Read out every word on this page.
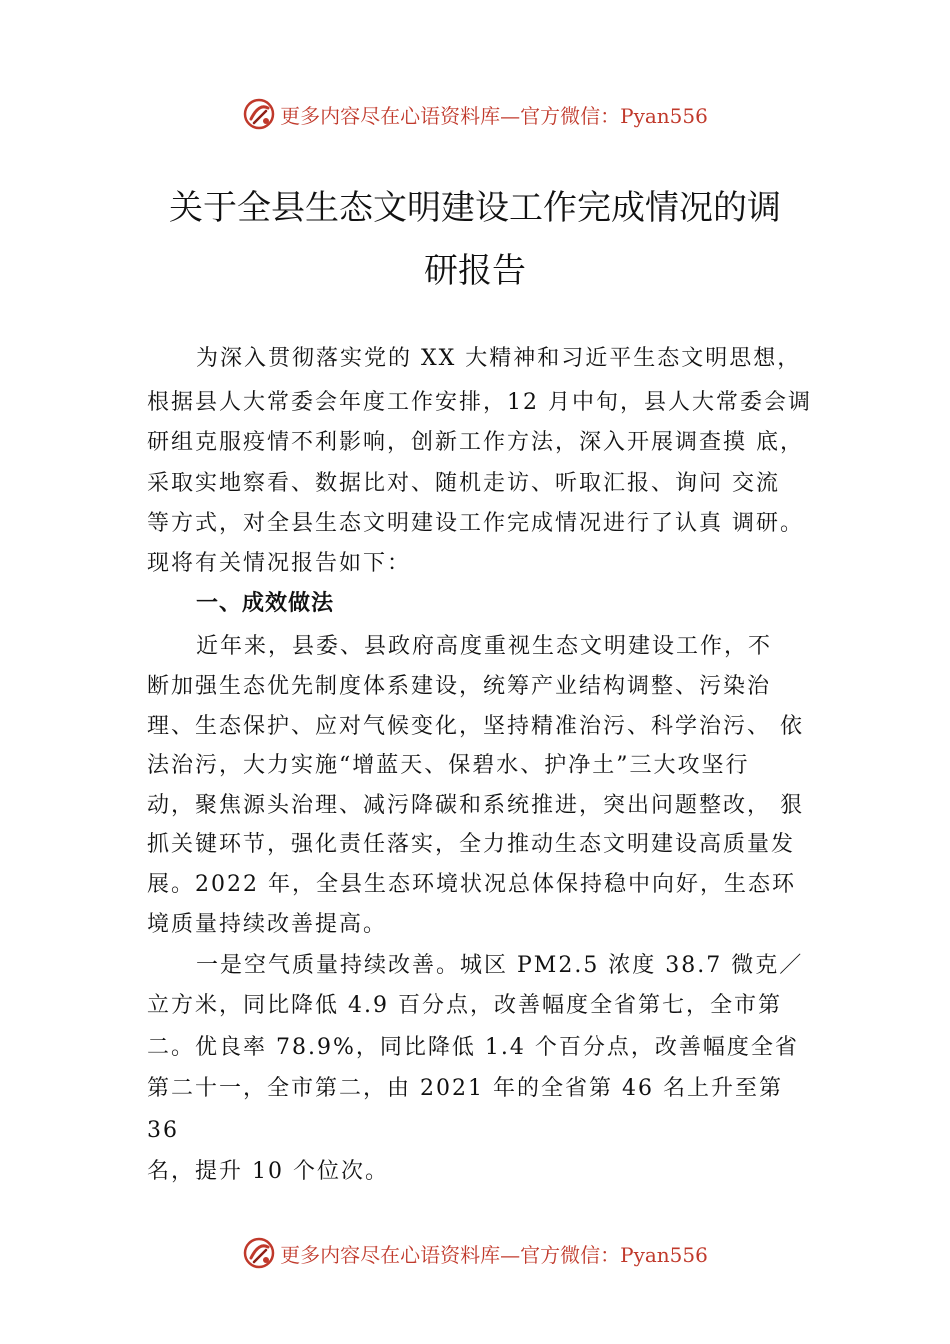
更多内容尽在心语资料库—官方微信：Pyan556
关于全县生态文明建设工作完成情况的调
研报告
为深入贯彻落实党的 XX 大精神和习近平生态文明思想，
根据县人大常委会年度工作安排，12 月中旬，县人大常委会调
研组克服疫情不利影响，创新工作方法，深入开展调查摸 底，
采取实地察看、数据比对、随机走访、听取汇报、询问 交流
等方式，对全县生态文明建设工作完成情况进行了认真 调研。
现将有关情况报告如下：
一、成效做法
近年来，县委、县政府高度重视生态文明建设工作，不
断加强生态优先制度体系建设，统筹产业结构调整、污染治
理、生态保护、应对气候变化，坚持精准治污、科学治污、 依
法治污，大力实施“增蓝天、保碧水、护净土”三大攻坚行
动，聚焦源头治理、减污降碳和系统推进，突出问题整改， 狠
抓关键环节，强化责任落实，全力推动生态文明建设高质量发
展。2022 年，全县生态环境状况总体保持稳中向好，生态环
境质量持续改善提高。
一是空气质量持续改善。城区 PM2.5 浓度 38.7 微克／
立方米，同比降低 4.9 百分点，改善幅度全省第七，全市第
二。优良率 78.9%，同比降低 1.4 个百分点，改善幅度全省
第二十一，全市第二，由 2021 年的全省第 46 名上升至第
36
名，提升 10 个位次。
更多内容尽在心语资料库—官方微信：Pyan556
